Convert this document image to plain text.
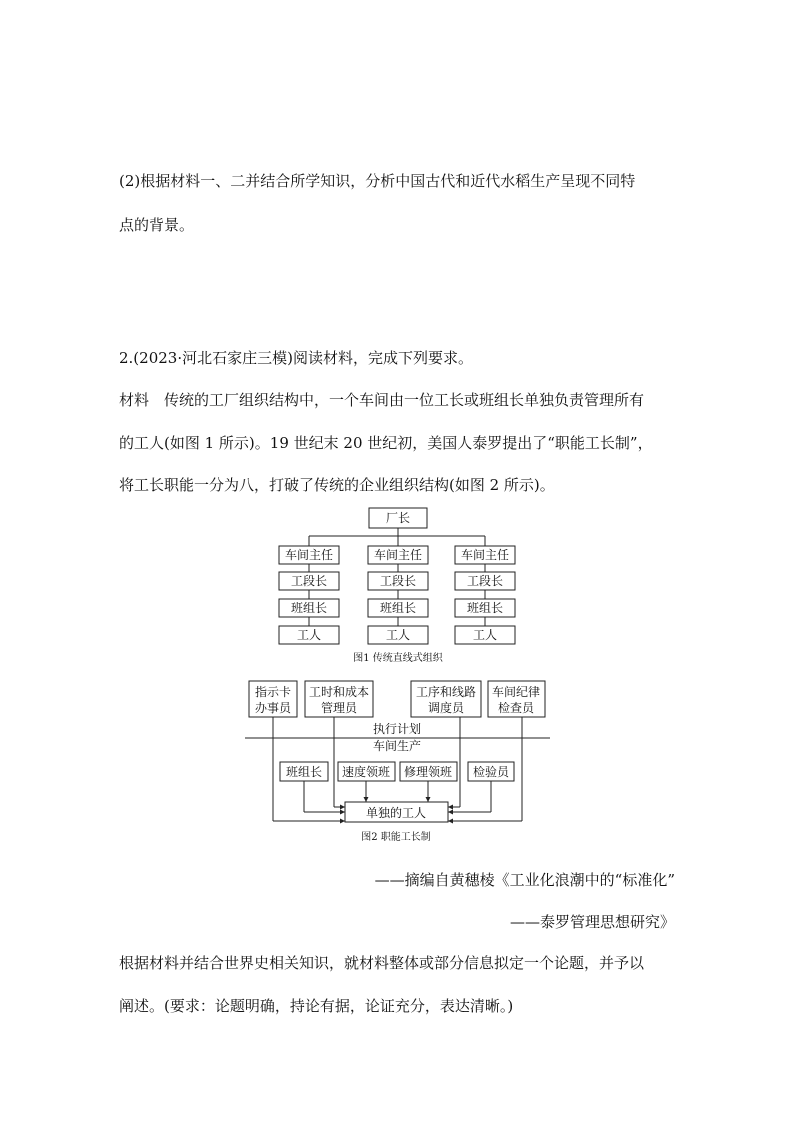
(2)根据材料一、二并结合所学知识，分析中国古代和近代水稻生产呈现不同特
点的背景。
2.(2023·河北石家庄三模)阅读材料，完成下列要求。
材料　传统的工厂组织结构中，一个车间由一位工长或班组长单独负责管理所有
的工人(如图 1 所示)。19 世纪末 20 世纪初，美国人泰罗提出了“职能工长制”，
将工长职能一分为八，打破了传统的企业组织结构(如图 2 所示)。
厂长
车间主任	车间主任	车间主任
工段长	工段长	工段长
班组长	班组长	班组长
工人	工人	工人
图1 传统直线式组织
指示卡
办事员
工时和成本
管理员
工序和线路
调度员
车间纪律
检查员
执行计划
车间生产
班组长 速度领班 修理领班 检验员
单独的工人
图2 职能工长制
——摘编自黄穗棱《工业化浪潮中的“标准化”
——泰罗管理思想研究》
根据材料并结合世界史相关知识，就材料整体或部分信息拟定一个论题，并予以
阐述。(要求：论题明确，持论有据，论证充分，表达清晰。)
